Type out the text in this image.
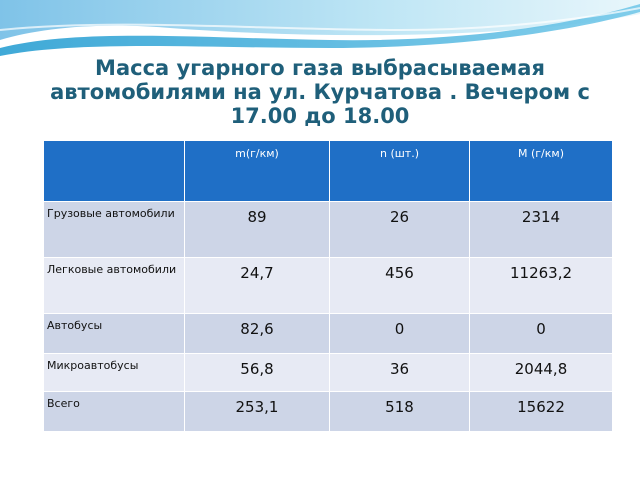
Масса угарного газа выбрасываемая автомобилями на ул. Курчатова . Вечером с 17.00 до 18.00

	m(г/км)	n (шт.)	M (г/км)

Грузовые автомобили	89	26	2314

Легковые автомобили	24,7	456	11263,2

Автобусы	82,6	0	0

Микроавтобусы	56,8	36	2044,8

Всего	253,1	518	15622
